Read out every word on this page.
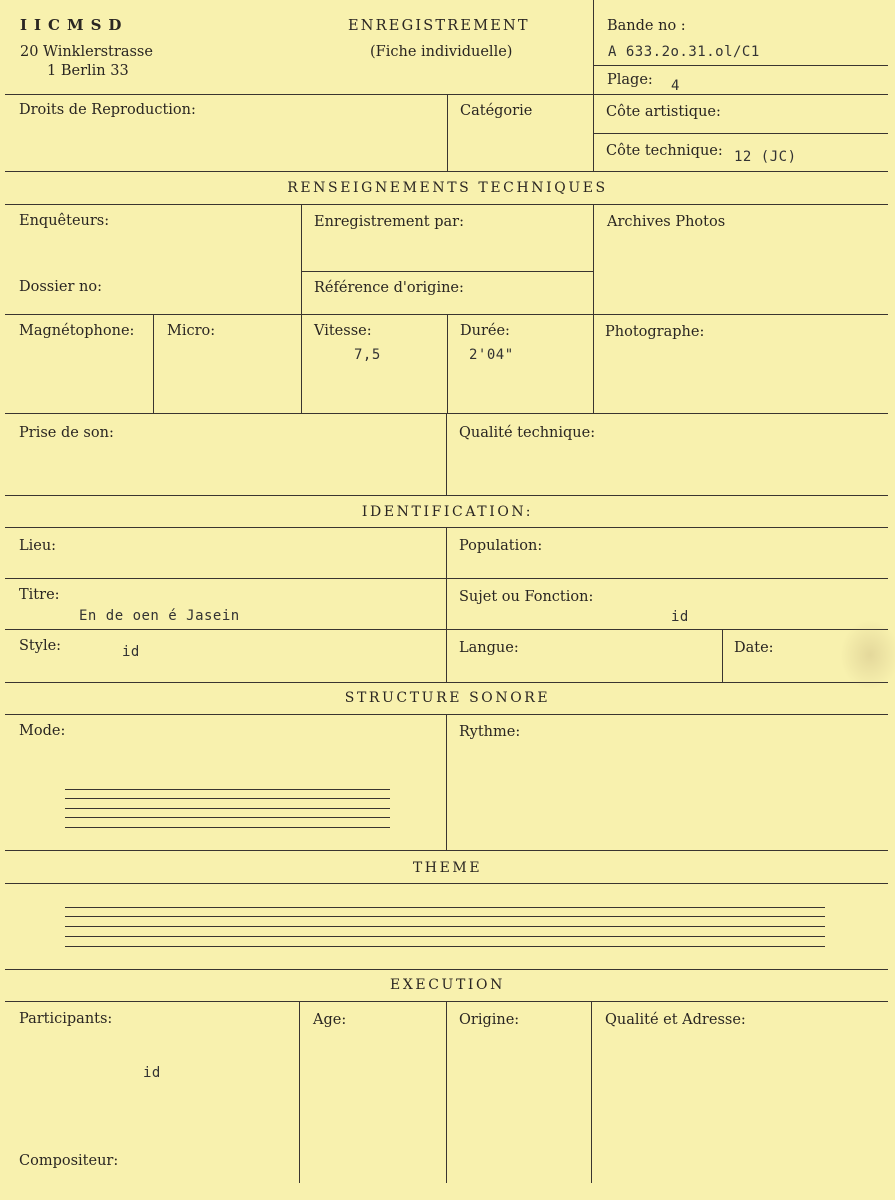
IICMSD
20 Winklerstrasse
1 Berlin 33
ENREGISTREMENT
(Fiche individuelle)
Bande no :
A 633.2o.31.ol/C1
Plage: 4
Droits de Reproduction:	Catégorie	Côte artistique:
Côte technique: 12 (JC)
RENSEIGNEMENTS TECHNIQUES
Enquêteurs:	Enregistrement par:	Archives Photos
Dossier no:	Référence d'origine:
Magnétophone: Micro:	Vitesse:
7,5
Durée:
2'04"
Photographe:
Prise de son:	Qualité technique:
IDENTIFICATION:
Lieu:	Population:
Titre:
En de oen é Jasein
Sujet ou Fonction:
id
Style:	id	Langue:	Date:
STRUCTURE SONORE
Mode:	Rythme:
THEME
EXECUTION
Participants:
id
Age:	Origine:	Qualité et Adresse:
Compositeur:
